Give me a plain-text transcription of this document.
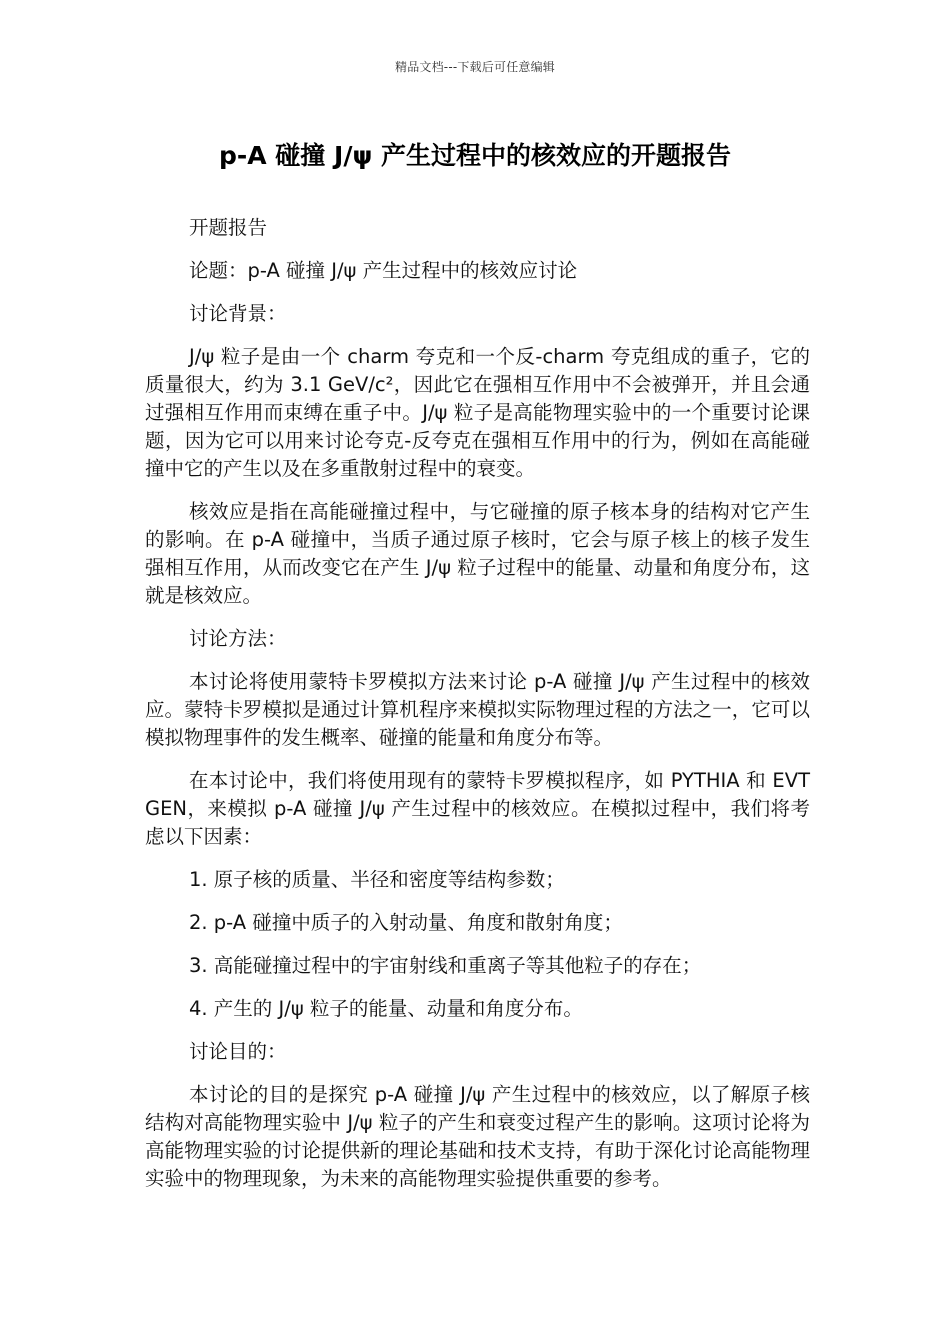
精品文档---下载后可任意编辑
p-A 碰撞 J/ψ 产生过程中的核效应的开题报告

开题报告

论题：p-A 碰撞 J/ψ 产生过程中的核效应讨论

讨论背景：

J/ψ 粒子是由一个 charm 夸克和一个反-charm 夸克组成的重子，它的质量很大，约为 3.1 GeV/c²，因此它在强相互作用中不会被弹开，并且会通过强相互作用而束缚在重子中。J/ψ 粒子是高能物理实验中的一个重要讨论课题，因为它可以用来讨论夸克-反夸克在强相互作用中的行为，例如在高能碰撞中它的产生以及在多重散射过程中的衰变。

核效应是指在高能碰撞过程中，与它碰撞的原子核本身的结构对它产生的影响。在 p-A 碰撞中，当质子通过原子核时，它会与原子核上的核子发生强相互作用，从而改变它在产生 J/ψ 粒子过程中的能量、动量和角度分布，这就是核效应。

讨论方法：

本讨论将使用蒙特卡罗模拟方法来讨论 p-A 碰撞 J/ψ 产生过程中的核效应。蒙特卡罗模拟是通过计算机程序来模拟实际物理过程的方法之一，它可以模拟物理事件的发生概率、碰撞的能量和角度分布等。

在本讨论中，我们将使用现有的蒙特卡罗模拟程序，如 PYTHIA 和 EVTGEN，来模拟 p-A 碰撞 J/ψ 产生过程中的核效应。在模拟过程中，我们将考虑以下因素：

1. 原子核的质量、半径和密度等结构参数；

2. p-A 碰撞中质子的入射动量、角度和散射角度；

3. 高能碰撞过程中的宇宙射线和重离子等其他粒子的存在；

4. 产生的 J/ψ 粒子的能量、动量和角度分布。

讨论目的：

本讨论的目的是探究 p-A 碰撞 J/ψ 产生过程中的核效应，以了解原子核结构对高能物理实验中 J/ψ 粒子的产生和衰变过程产生的影响。这项讨论将为高能物理实验的讨论提供新的理论基础和技术支持，有助于深化讨论高能物理实验中的物理现象，为未来的高能物理实验提供重要的参考。
